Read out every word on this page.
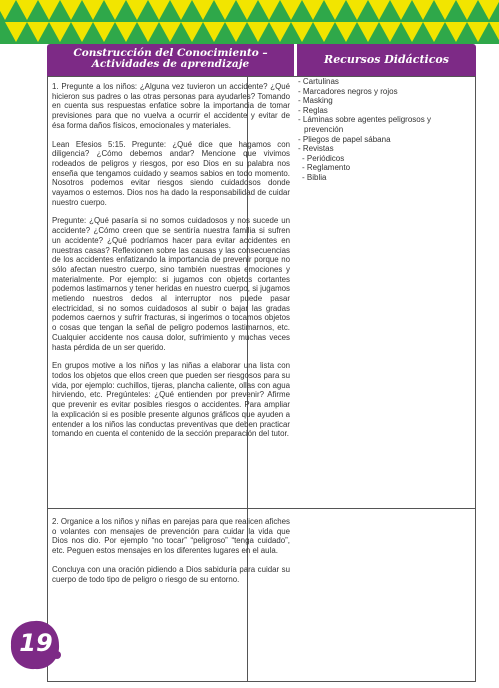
Construcción del Conocimiento –
Actividades de aprendizaje	Recursos Didácticos

1. Pregunte a los niños: ¿Alguna vez tuvieron un accidente? ¿Qué hicieron sus padres o las otras personas para ayudarles? Tomando en cuenta sus respuestas enfatice sobre la importancia de tomar previsiones para que no vuelva a ocurrir el accidente y evitar de ésa forma daños físicos, emocionales y materiales.

Lean Efesios 5:15. Pregunte: ¿Qué dice que hagamos con diligencia? ¿Cómo debemos andar? Mencione que vivimos rodeados de peligros y riesgos, por eso Dios en su palabra nos enseña que tengamos cuidado y seamos sabios en todo momento. Nosotros podemos evitar riesgos siendo cuidadosos donde vayamos o estemos. Dios nos ha dado la responsabilidad de cuidar nuestro cuerpo.

Pregunte: ¿Qué pasaría si no somos cuidadosos y nos sucede un accidente? ¿Cómo creen que se sentiría nuestra familia si sufren un accidente? ¿Qué podríamos hacer para evitar accidentes en nuestras casas? Reflexionen sobre las causas y las consecuencias de los accidentes enfatizando la importancia de prevenir porque no sólo afectan nuestro cuerpo, sino también nuestras emociones y materialmente. Por ejemplo: si jugamos con objetos cortantes podemos lastimarnos y tener heridas en nuestro cuerpo, si jugamos metiendo nuestros dedos al interruptor nos puede pasar electricidad, si no somos cuidadosos al subir o bajar las gradas podemos caernos y sufrir fracturas, si ingerimos o tocamos objetos o cosas que tengan la señal de peligro podemos lastimarnos, etc. Cualquier accidente nos causa dolor, sufrimiento y muchas veces hasta pérdida de un ser querido.

En grupos motive a los niños y las niñas a elaborar una lista con todos los objetos que ellos creen que pueden ser riesgosos para su vida, por ejemplo: cuchillos, tijeras, plancha caliente, ollas con agua hirviendo, etc. Pregúnteles: ¿Qué entienden por prevenir? Afirme que prevenir es evitar posibles riesgos o accidentes. Para ampliar la explicación si es posible presente algunos gráficos que ayuden a entender a los niños las conductas preventivas que deben practicar tomando en cuenta el contenido de la sección preparación del tutor.

2. Organice a los niños y niñas en parejas para que realicen afiches o volantes con mensajes de prevención para cuidar la vida que Dios nos dio. Por ejemplo “no tocar” “peligroso” “tenga cuidado”, etc. Peguen estos mensajes en los diferentes lugares en el aula.

Concluya con una oración pidiendo a Dios sabiduría para cuidar su cuerpo de todo tipo de peligro o riesgo de su entorno.

- Cartulinas
- Marcadores negros y rojos
- Masking
- Reglas
- Láminas sobre agentes peligrosos y
prevención
- Pliegos de papel sábana
- Revistas
- Periódicos
- Reglamento
- Biblia
19
